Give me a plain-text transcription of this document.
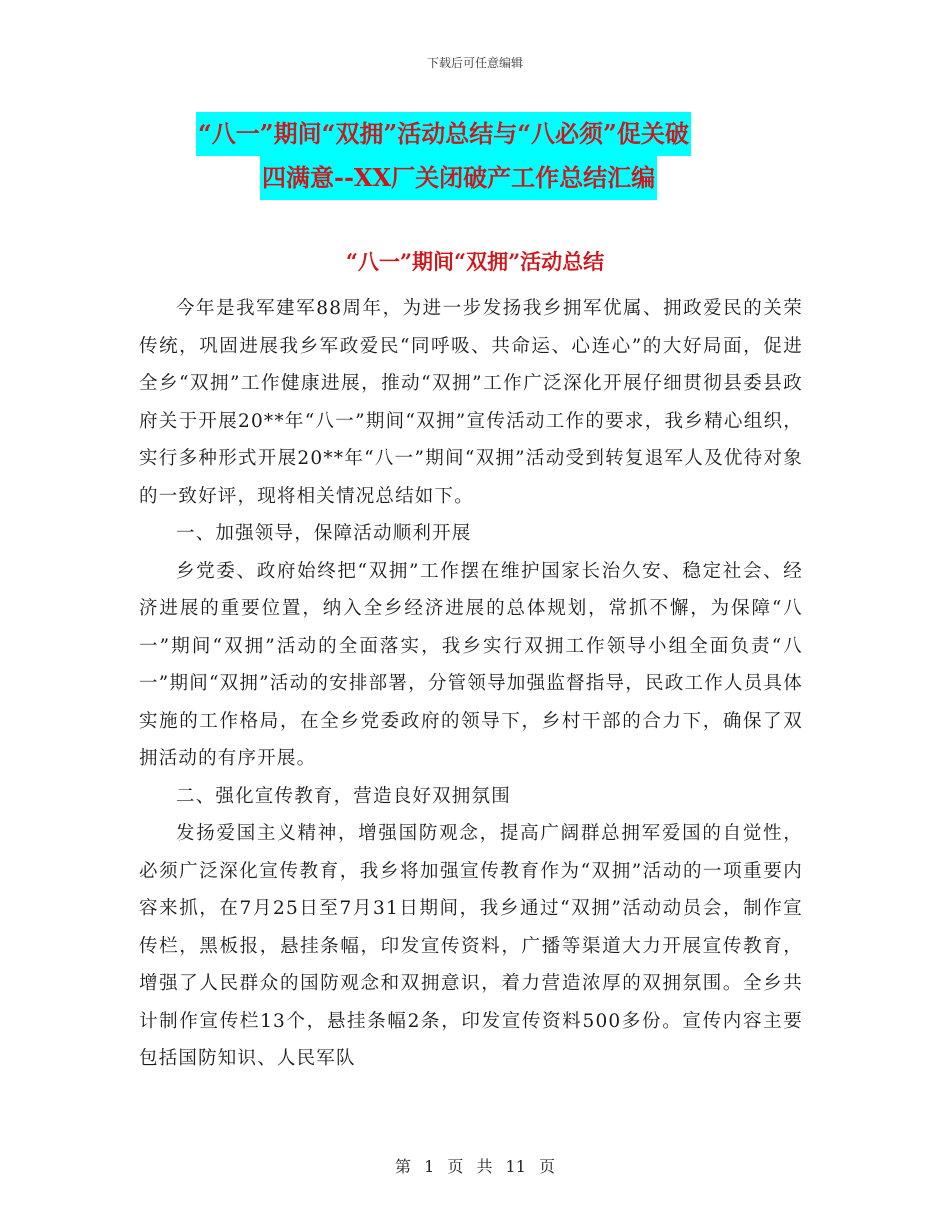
下载后可任意编辑
“八一”期间“双拥”活动总结与“八必须”促关破
四满意--XX厂关闭破产工作总结汇编
“八一”期间“双拥”活动总结

今年是我军建军88周年，为进一步发扬我乡拥军优属、拥政爱民的关荣传统，巩固进展我乡军政爱民“同呼吸、共命运、心连心”的大好局面，促进全乡“双拥”工作健康进展，推动“双拥”工作广泛深化开展仔细贯彻县委县政府关于开展20**年“八一”期间“双拥”宣传活动工作的要求，我乡精心组织，实行多种形式开展20**年“八一”期间“双拥”活动受到转复退军人及优待对象的一致好评，现将相关情况总结如下。

一、加强领导，保障活动顺利开展

乡党委、政府始终把“双拥”工作摆在维护国家长治久安、稳定社会、经济进展的重要位置，纳入全乡经济进展的总体规划，常抓不懈，为保障“八一”期间“双拥”活动的全面落实，我乡实行双拥工作领导小组全面负责“八一”期间“双拥”活动的安排部署，分管领导加强监督指导，民政工作人员具体实施的工作格局，在全乡党委政府的领导下，乡村干部的合力下，确保了双拥活动的有序开展。

二、强化宣传教育，营造良好双拥氛围

发扬爱国主义精神，增强国防观念，提高广阔群总拥军爱国的自觉性，必须广泛深化宣传教育，我乡将加强宣传教育作为“双拥”活动的一项重要内容来抓，在7月25日至7月31日期间，我乡通过“双拥”活动动员会，制作宣传栏，黑板报，悬挂条幅，印发宣传资料，广播等渠道大力开展宣传教育，增强了人民群众的国防观念和双拥意识，着力营造浓厚的双拥氛围。全乡共计制作宣传栏13个，悬挂条幅2条，印发宣传资料500多份。宣传内容主要包括国防知识、人民军队

第 1 页 共 11 页
